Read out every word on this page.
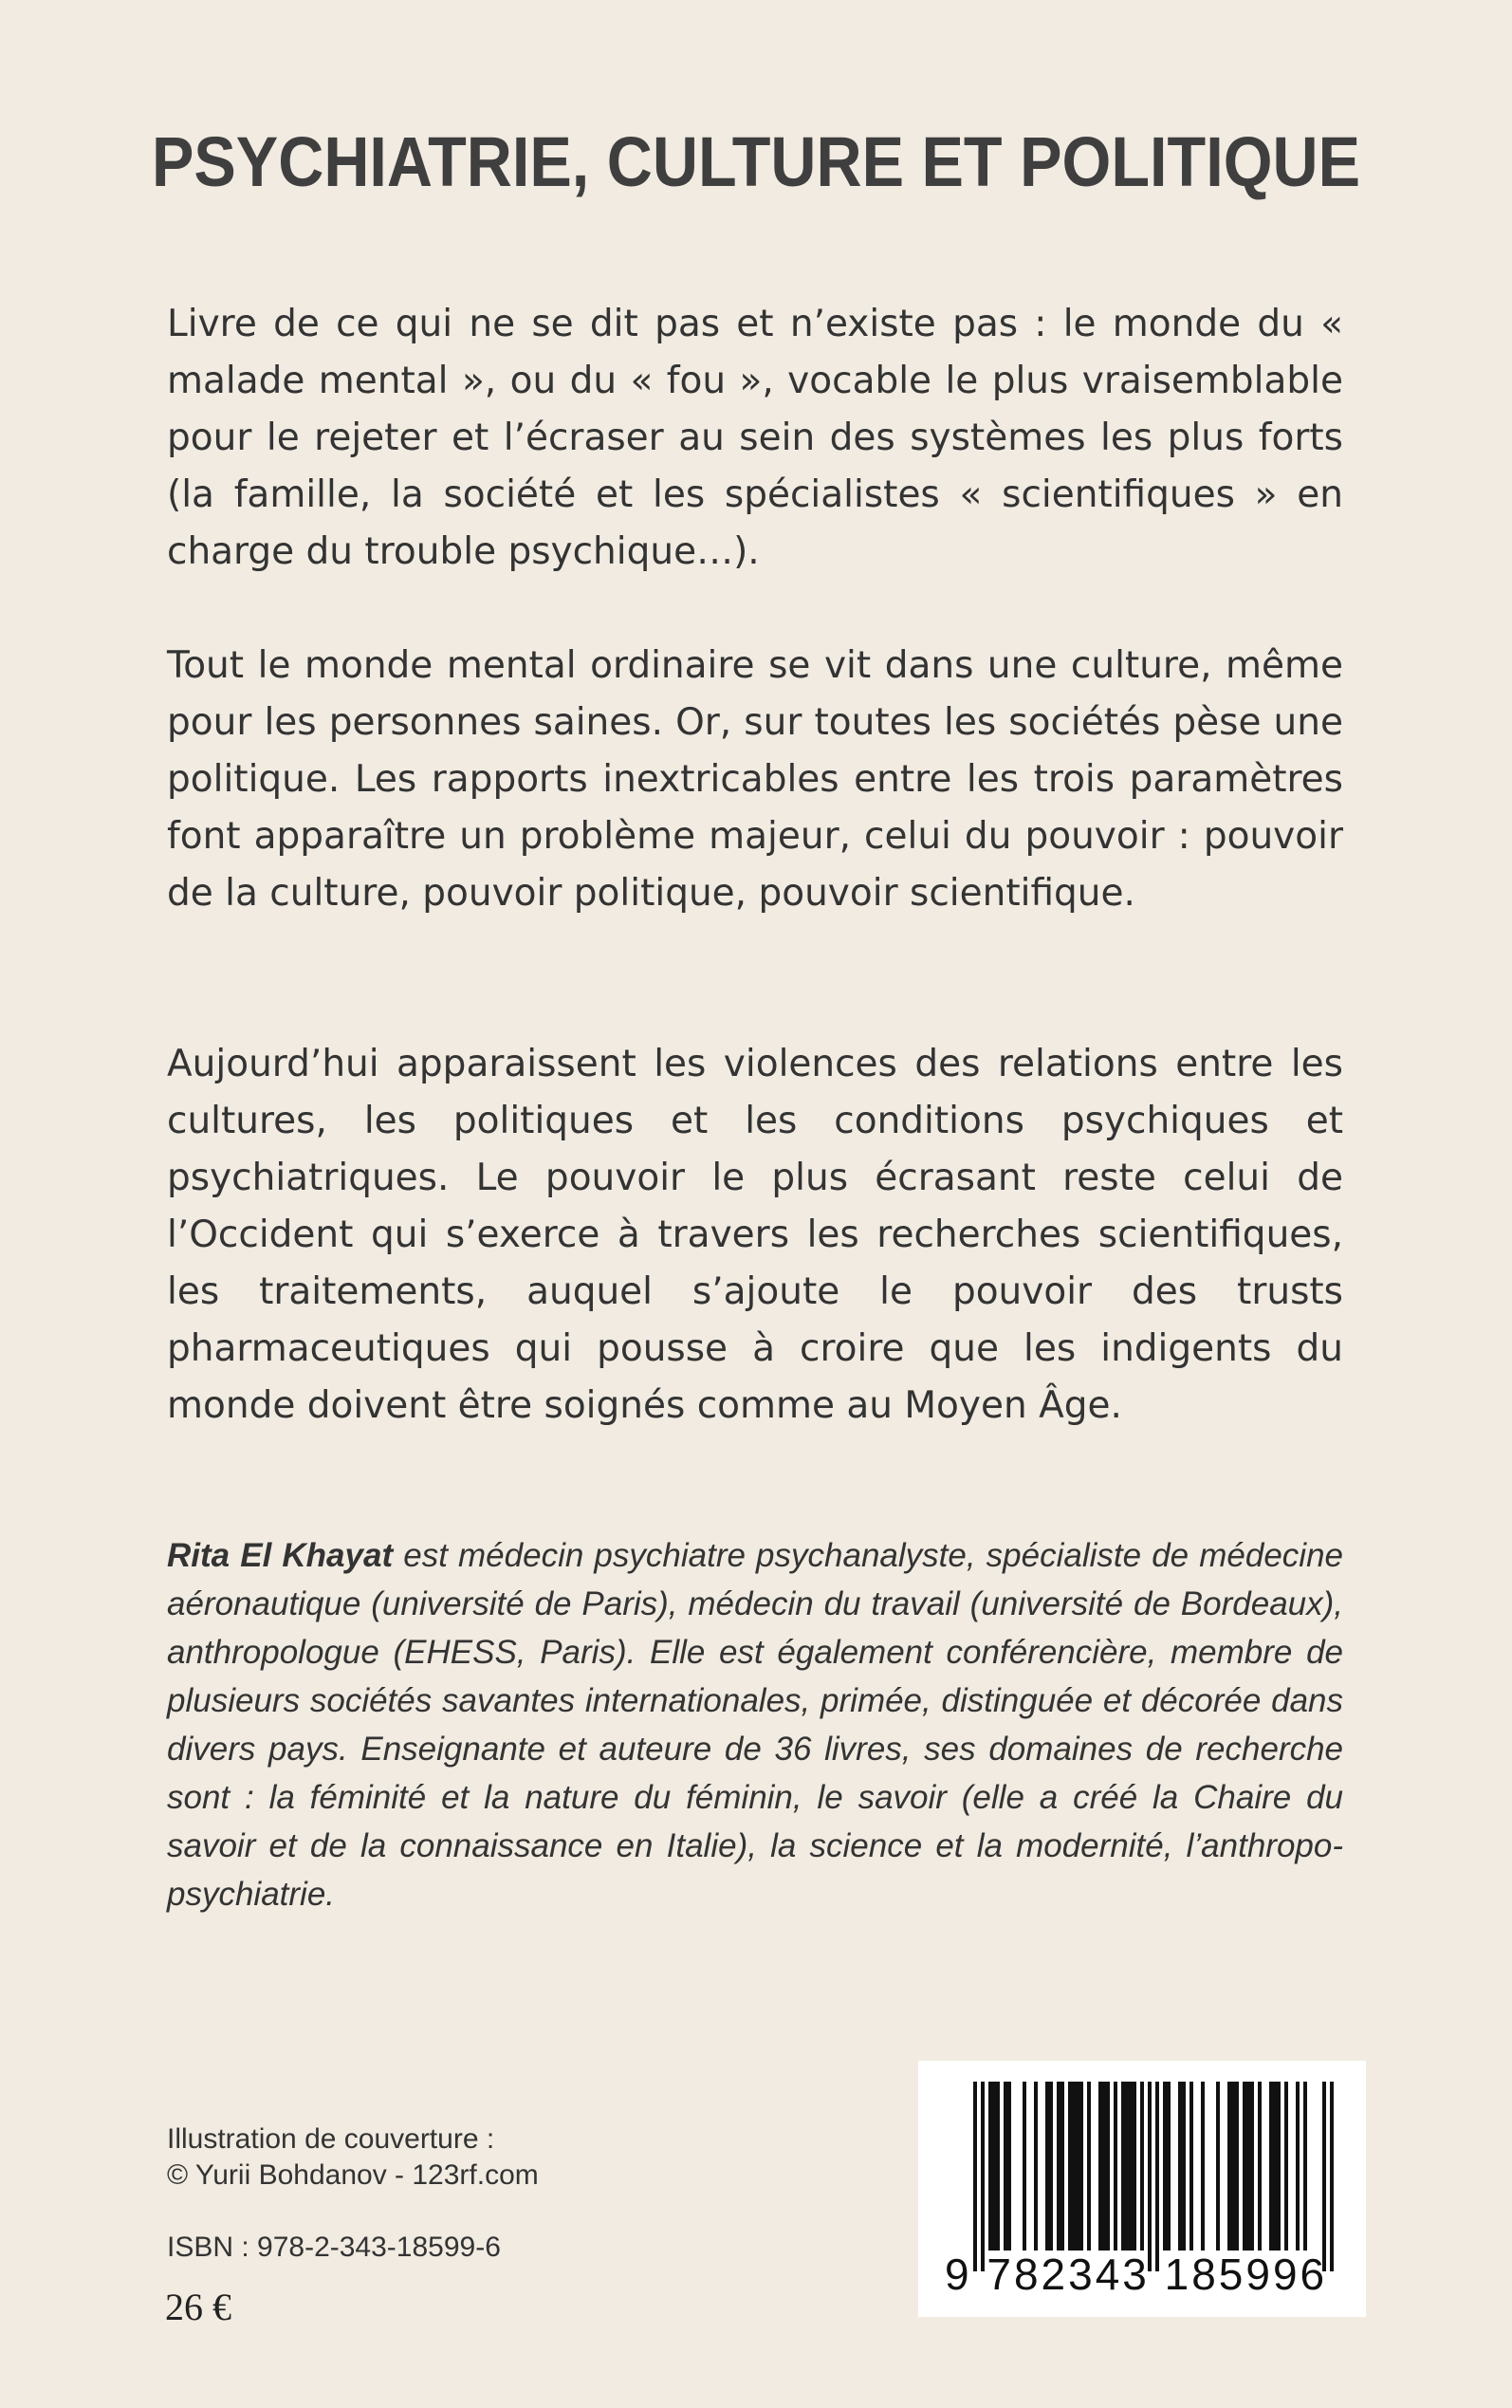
PSYCHIATRIE, CULTURE ET POLITIQUE

Livre de ce qui ne se dit pas et n’existe pas : le monde du « malade mental », ou du « fou », vocable le plus vraisemblable pour le rejeter et l’écraser au sein des systèmes les plus forts (la famille, la société et les spécialistes « scientifiques » en charge du trouble psychique…).

Tout le monde mental ordinaire se vit dans une culture, même pour les personnes saines. Or, sur toutes les sociétés pèse une politique. Les rapports inextricables entre les trois paramètres font apparaître un problème majeur, celui du pouvoir : pouvoir de la culture, pouvoir politique, pouvoir scientifique.

Aujourd’hui apparaissent les violences des relations entre les cultures, les politiques et les conditions psychiques et psychiatriques. Le pouvoir le plus écrasant reste celui de l’Occident qui s’exerce à travers les recherches scientifiques, les traitements, auquel s’ajoute le pouvoir des trusts pharmaceutiques qui pousse à croire que les indigents du monde doivent être soignés comme au Moyen Âge.

Rita El Khayat est médecin psychiatre psychanalyste, spécialiste de médecine aéronautique (université de Paris), médecin du travail (université de Bordeaux), anthropologue (EHESS, Paris). Elle est également conférencière, membre de plusieurs sociétés savantes internationales, primée, distinguée et décorée dans divers pays. Enseignante et auteure de 36 livres, ses domaines de recherche sont : la féminité et la nature du féminin, le savoir (elle a créé la Chaire du savoir et de la connaissance en Italie), la science et la modernité, l’anthropo-psychiatrie.

Illustration de couverture :
© Yurii Bohdanov - 123rf.com
ISBN : 978-2-343-18599-6
26 €
9 782343 185996
